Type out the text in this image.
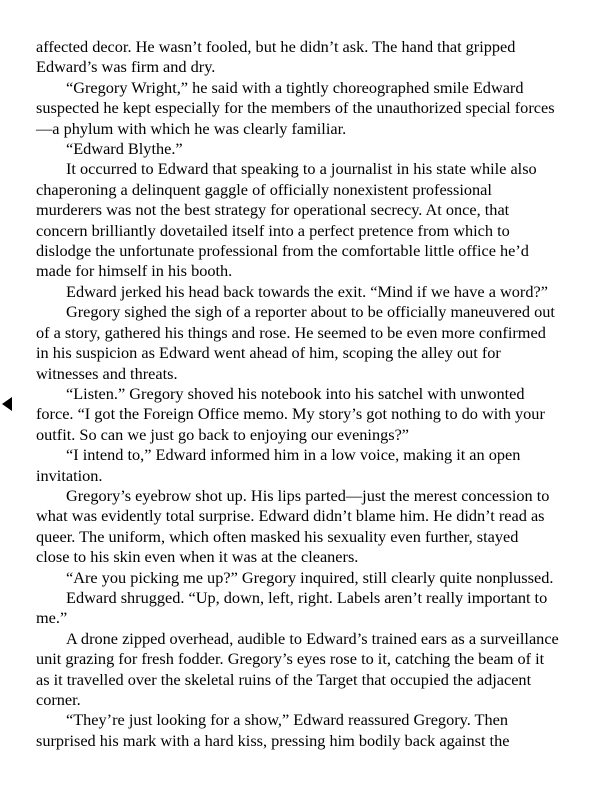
affected decor. He wasn’t fooled, but he didn’t ask. The hand that gripped
Edward’s was firm and dry.
“Gregory Wright,” he said with a tightly choreographed smile Edward
suspected he kept especially for the members of the unauthorized special forces
—a phylum with which he was clearly familiar.
“Edward Blythe.”
It occurred to Edward that speaking to a journalist in his state while also
chaperoning a delinquent gaggle of officially nonexistent professional
murderers was not the best strategy for operational secrecy. At once, that
concern brilliantly dovetailed itself into a perfect pretence from which to
dislodge the unfortunate professional from the comfortable little office he’d
made for himself in his booth.
Edward jerked his head back towards the exit. “Mind if we have a word?”
Gregory sighed the sigh of a reporter about to be officially maneuvered out
of a story, gathered his things and rose. He seemed to be even more confirmed
in his suspicion as Edward went ahead of him, scoping the alley out for
witnesses and threats.
“Listen.” Gregory shoved his notebook into his satchel with unwonted
force. “I got the Foreign Office memo. My story’s got nothing to do with your
outfit. So can we just go back to enjoying our evenings?”
“I intend to,” Edward informed him in a low voice, making it an open
invitation.
Gregory’s eyebrow shot up. His lips parted—just the merest concession to
what was evidently total surprise. Edward didn’t blame him. He didn’t read as
queer. The uniform, which often masked his sexuality even further, stayed
close to his skin even when it was at the cleaners.
“Are you picking me up?” Gregory inquired, still clearly quite nonplussed.
Edward shrugged. “Up, down, left, right. Labels aren’t really important to
me.”
A drone zipped overhead, audible to Edward’s trained ears as a surveillance
unit grazing for fresh fodder. Gregory’s eyes rose to it, catching the beam of it
as it travelled over the skeletal ruins of the Target that occupied the adjacent
corner.
“They’re just looking for a show,” Edward reassured Gregory. Then
surprised his mark with a hard kiss, pressing him bodily back against the
